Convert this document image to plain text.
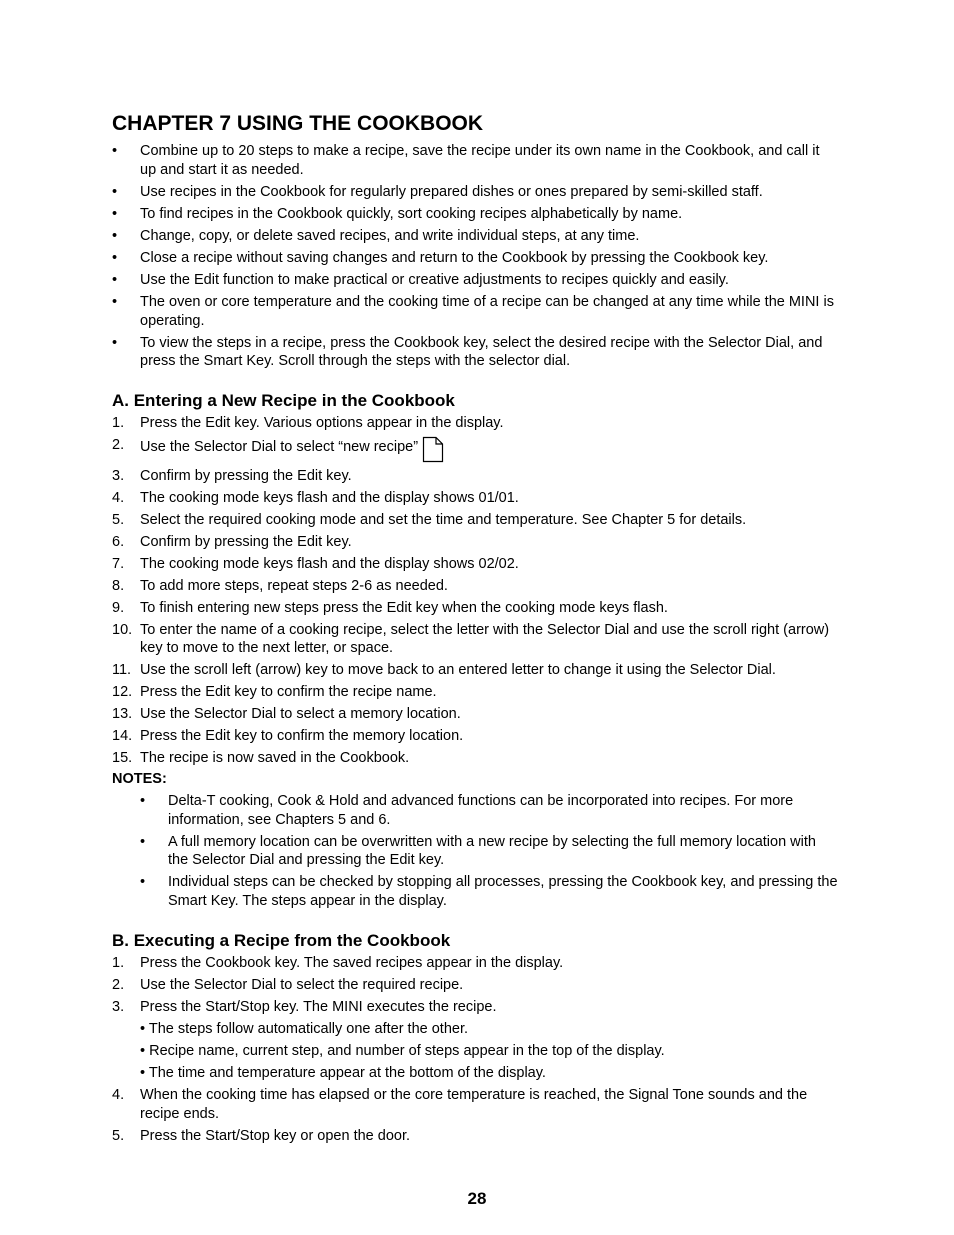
CHAPTER 7 USING THE COOKBOOK
• Combine up to 20 steps to make a recipe, save the recipe under its own name in the Cookbook, and call it up and start it as needed.
• Use recipes in the Cookbook for regularly prepared dishes or ones prepared by semi-skilled staff.
• To find recipes in the Cookbook quickly, sort cooking recipes alphabetically by name.
• Change, copy, or delete saved recipes, and write individual steps, at any time.
• Close a recipe without saving changes and return to the Cookbook by pressing the Cookbook key.
• Use the Edit function to make practical or creative adjustments to recipes quickly and easily.
• The oven or core temperature and the cooking time of a recipe can be changed at any time while the MINI is operating.
• To view the steps in a recipe, press the Cookbook key, select the desired recipe with the Selector Dial, and press the Smart Key. Scroll through the steps with the selector dial.
A. Entering a New Recipe in the Cookbook
1. Press the Edit key. Various options appear in the display.
2. Use the Selector Dial to select “new recipe”
3. Confirm by pressing the Edit key.
4. The cooking mode keys flash and the display shows 01/01.
5. Select the required cooking mode and set the time and temperature. See Chapter 5 for details.
6. Confirm by pressing the Edit key.
7. The cooking mode keys flash and the display shows 02/02.
8. To add more steps, repeat steps 2-6 as needed.
9. To finish entering new steps press the Edit key when the cooking mode keys flash.
10. To enter the name of a cooking recipe, select the letter with the Selector Dial and use the scroll right (arrow) key to move to the next letter, or space.
11. Use the scroll left (arrow) key to move back to an entered letter to change it using the Selector Dial.
12. Press the Edit key to confirm the recipe name.
13. Use the Selector Dial to select a memory location.
14. Press the Edit key to confirm the memory location.
15. The recipe is now saved in the Cookbook.
NOTES:
• Delta-T cooking, Cook & Hold and advanced functions can be incorporated into recipes. For more information, see Chapters 5 and 6.
• A full memory location can be overwritten with a new recipe by selecting the full memory location with the Selector Dial and pressing the Edit key.
• Individual steps can be checked by stopping all processes, pressing the Cookbook key, and pressing the Smart Key. The steps appear in the display.
B. Executing a Recipe from the Cookbook
1. Press the Cookbook key. The saved recipes appear in the display.
2. Use the Selector Dial to select the required recipe.
3. Press the Start/Stop key. The MINI executes the recipe.
• The steps follow automatically one after the other.
• Recipe name, current step, and number of steps appear in the top of the display.
• The time and temperature appear at the bottom of the display.
4. When the cooking time has elapsed or the core temperature is reached, the Signal Tone sounds and the recipe ends.
5. Press the Start/Stop key or open the door.
28
